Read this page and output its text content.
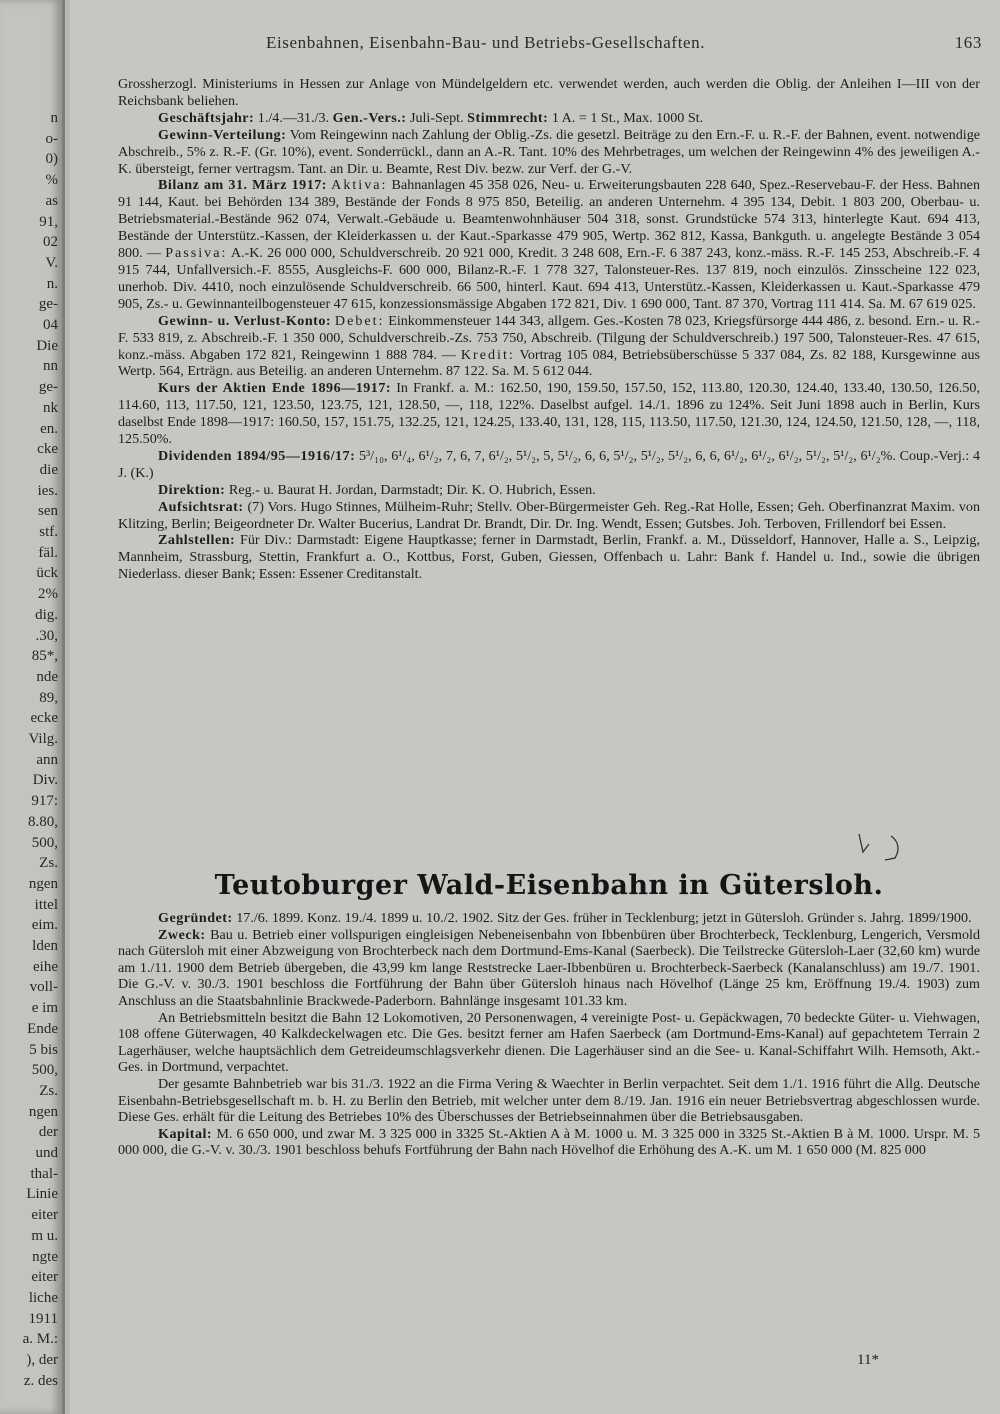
n
o-
0)
%
as
91,
02
V.
n.
ge-
04
Die
nn
ge-
nk
en.
cke
die
ies.
sen
stf.
fäl.
ück
2%
dig.
.30,
85*,
nde
89,
ecke
Vilg.
ann
Div.
917:
8.80,
500,
Zs.
ngen
ittel
eim.
lden
eihe
voll-
e im
Ende
5 bis
500,
Zs.
ngen
der
und
thal-
Linie
eiter
m u.
ngte
eiter
liche
1911
a. M.:
), der
z. des
Eisenbahnen, Eisenbahn-Bau- und Betriebs-Gesellschaften.	163

Grossherzogl. Ministeriums in Hessen zur Anlage von Mündelgeldern etc. verwendet werden, auch werden die Oblig. der Anleihen I—III von der Reichsbank beliehen.

Geschäftsjahr: 1./4.—31./3. Gen.-Vers.: Juli-Sept. Stimmrecht: 1 A. = 1 St., Max. 1000 St.

Gewinn-Verteilung: Vom Reingewinn nach Zahlung der Oblig.-Zs. die gesetzl. Beiträge zu den Ern.-F. u. R.-F. der Bahnen, event. notwendige Abschreib., 5% z. R.-F. (Gr. 10%), event. Sonderrückl., dann an A.-R. Tant. 10% des Mehrbetrages, um welchen der Reingewinn 4% des jeweiligen A.-K. übersteigt, ferner vertragsm. Tant. an Dir. u. Beamte, Rest Div. bezw. zur Verf. der G.-V.

Bilanz am 31. März 1917: Aktiva: Bahnanlagen 45 358 026, Neu- u. Erweiterungsbauten 228 640, Spez.-Reservebau-F. der Hess. Bahnen 91 144, Kaut. bei Behörden 134 389, Bestände der Fonds 8 975 850, Beteilig. an anderen Unternehm. 4 395 134, Debit. 1 803 200, Oberbau- u. Betriebsmaterial.-Bestände 962 074, Verwalt.-Gebäude u. Beamtenwohnhäuser 504 318, sonst. Grundstücke 574 313, hinterlegte Kaut. 694 413, Bestände der Unterstütz.-Kassen, der Kleiderkassen u. der Kaut.-Sparkasse 479 905, Wertp. 362 812, Kassa, Bankguth. u. angelegte Bestände 3 054 800. — Passiva: A.-K. 26 000 000, Schuldverschreib. 20 921 000, Kredit. 3 248 608, Ern.-F. 6 387 243, konz.-mäss. R.-F. 145 253, Abschreib.-F. 4 915 744, Unfallversich.-F. 8555, Ausgleichs-F. 600 000, Bilanz-R.-F. 1 778 327, Talonsteuer-Res. 137 819, noch einzulös. Zinsscheine 122 023, unerhob. Div. 4410, noch einzulösende Schuldverschreib. 66 500, hinterl. Kaut. 694 413, Unterstütz.-Kassen, Kleiderkassen u. Kaut.-Sparkasse 479 905, Zs.- u. Gewinnanteilbogensteuer 47 615, konzessionsmässige Abgaben 172 821, Div. 1 690 000, Tant. 87 370, Vortrag 111 414. Sa. M. 67 619 025.

Gewinn- u. Verlust-Konto: Debet: Einkommensteuer 144 343, allgem. Ges.-Kosten 78 023, Kriegsfürsorge 444 486, z. besond. Ern.- u. R.-F. 533 819, z. Abschreib.-F. 1 350 000, Schuldverschreib.-Zs. 753 750, Abschreib. (Tilgung der Schuldverschreib.) 197 500, Talonsteuer-Res. 47 615, konz.-mäss. Abgaben 172 821, Reingewinn 1 888 784. — Kredit: Vortrag 105 084, Betriebsüberschüsse 5 337 084, Zs. 82 188, Kursgewinne aus Wertp. 564, Erträgn. aus Beteilig. an anderen Unternehm. 87 122. Sa. M. 5 612 044.

Kurs der Aktien Ende 1896—1917: In Frankf. a. M.: 162.50, 190, 159.50, 157.50, 152, 113.80, 120.30, 124.40, 133.40, 130.50, 126.50, 114.60, 113, 117.50, 121, 123.50, 123.75, 121, 128.50, —, 118, 122%. Daselbst aufgel. 14./1. 1896 zu 124%. Seit Juni 1898 auch in Berlin, Kurs daselbst Ende 1898—1917: 160.50, 157, 151.75, 132.25, 121, 124.25, 133.40, 131, 128, 115, 113.50, 117.50, 121.30, 124, 124.50, 121.50, 128, —, 118, 125.50%.

Dividenden 1894/95—1916/17: 5³/₁₀, 6¹/₄, 6¹/₂, 7, 6, 7, 6¹/₂, 5¹/₂, 5, 5¹/₂, 6, 6, 5¹/₂, 5¹/₂, 5¹/₂, 6, 6, 6¹/₂, 6¹/₂, 6¹/₂, 5¹/₂, 5¹/₂, 6¹/₂%. Coup.-Verj.: 4 J. (K.)

Direktion: Reg.- u. Baurat H. Jordan, Darmstadt; Dir. K. O. Hubrich, Essen.

Aufsichtsrat: (7) Vors. Hugo Stinnes, Mülheim-Ruhr; Stellv. Ober-Bürgermeister Geh. Reg.-Rat Holle, Essen; Geh. Oberfinanzrat Maxim. von Klitzing, Berlin; Beigeordneter Dr. Walter Bucerius, Landrat Dr. Brandt, Dir. Dr. Ing. Wendt, Essen; Gutsbes. Joh. Terboven, Frillendorf bei Essen.

Zahlstellen: Für Div.: Darmstadt: Eigene Hauptkasse; ferner in Darmstadt, Berlin, Frankf. a. M., Düsseldorf, Hannover, Halle a. S., Leipzig, Mannheim, Strassburg, Stettin, Frankfurt a. O., Kottbus, Forst, Guben, Giessen, Offenbach u. Lahr: Bank f. Handel u. Ind., sowie die übrigen Niederlass. dieser Bank; Essen: Essener Creditanstalt.

Teutoburger Wald-Eisenbahn in Gütersloh.

Gegründet: 17./6. 1899. Konz. 19./4. 1899 u. 10./2. 1902. Sitz der Ges. früher in Tecklenburg; jetzt in Gütersloh. Gründer s. Jahrg. 1899/1900.

Zweck: Bau u. Betrieb einer vollspurigen eingleisigen Nebeneisenbahn von Ibbenbüren über Brochterbeck, Tecklenburg, Lengerich, Versmold nach Gütersloh mit einer Abzweigung von Brochterbeck nach dem Dortmund-Ems-Kanal (Saerbeck). Die Teilstrecke Gütersloh-Laer (32,60 km) wurde am 1./11. 1900 dem Betrieb übergeben, die 43,99 km lange Reststrecke Laer-Ibbenbüren u. Brochterbeck-Saerbeck (Kanalanschluss) am 19./7. 1901. Die G.-V. v. 30./3. 1901 beschloss die Fortführung der Bahn über Gütersloh hinaus nach Hövelhof (Länge 25 km, Eröffnung 19./4. 1903) zum Anschluss an die Staatsbahnlinie Brackwede-Paderborn. Bahnlänge insgesamt 101.33 km.

An Betriebsmitteln besitzt die Bahn 12 Lokomotiven, 20 Personenwagen, 4 vereinigte Post- u. Gepäckwagen, 70 bedeckte Güter- u. Viehwagen, 108 offene Güterwagen, 40 Kalkdeckelwagen etc. Die Ges. besitzt ferner am Hafen Saerbeck (am Dortmund-Ems-Kanal) auf gepachtetem Terrain 2 Lagerhäuser, welche hauptsächlich dem Getreideumschlagsverkehr dienen. Die Lagerhäuser sind an die See- u. Kanal-Schiffahrt Wilh. Hemsoth, Akt.-Ges. in Dortmund, verpachtet.

Der gesamte Bahnbetrieb war bis 31./3. 1922 an die Firma Vering & Waechter in Berlin verpachtet. Seit dem 1./1. 1916 führt die Allg. Deutsche Eisenbahn-Betriebsgesellschaft m. b. H. zu Berlin den Betrieb, mit welcher unter dem 8./19. Jan. 1916 ein neuer Betriebsvertrag abgeschlossen wurde. Diese Ges. erhält für die Leitung des Betriebes 10% des Überschusses der Betriebseinnahmen über die Betriebsausgaben.

Kapital: M. 6 650 000, und zwar M. 3 325 000 in 3325 St.-Aktien A à M. 1000 u. M. 3 325 000 in 3325 St.-Aktien B à M. 1000. Urspr. M. 5 000 000, die G.-V. v. 30./3. 1901 beschloss behufs Fortführung der Bahn nach Hövelhof die Erhöhung des A.-K. um M. 1 650 000 (M. 825 000

11*
